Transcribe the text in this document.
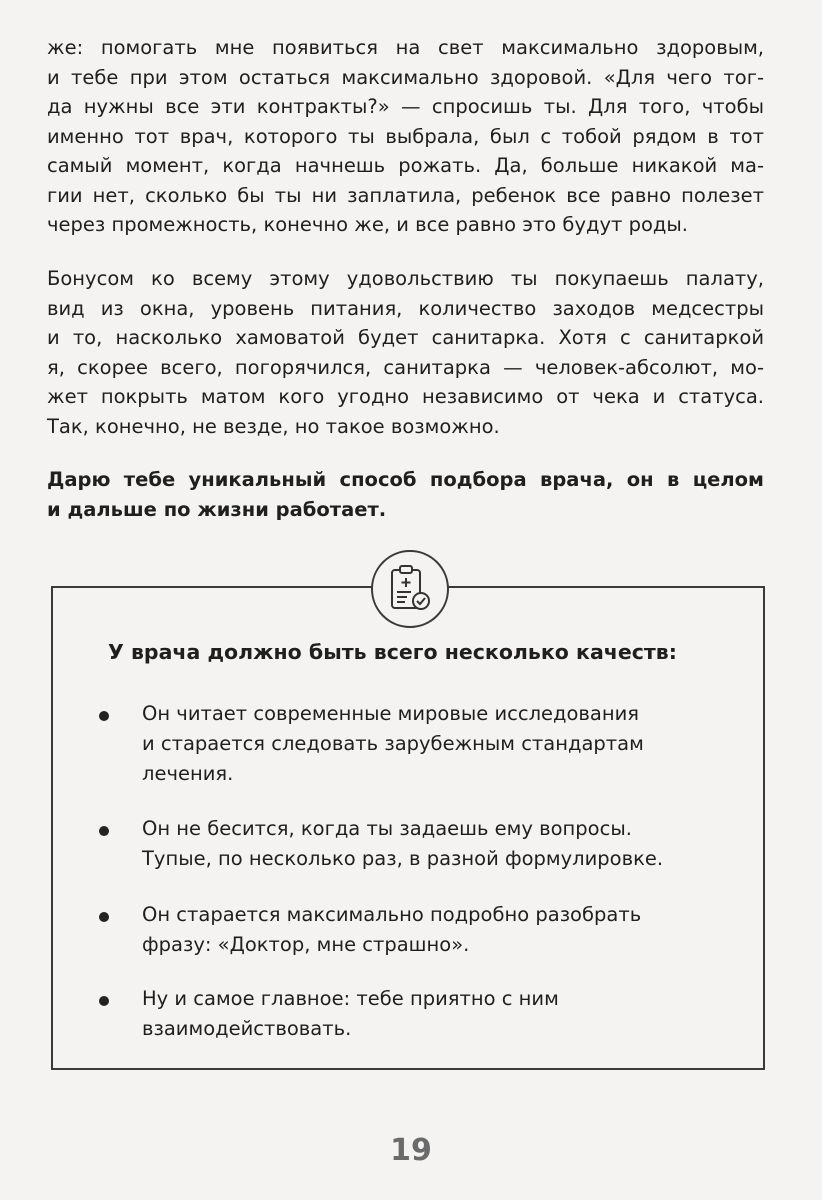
же: помогать мне появиться на свет максимально здоровым,
и тебе при этом остаться максимально здоровой. «Для чего тог-
да нужны все эти контракты?» — спросишь ты. Для того, чтобы
именно тот врач, которого ты выбрала, был с тобой рядом в тот
самый момент, когда начнешь рожать. Да, больше никакой ма-
гии нет, сколько бы ты ни заплатила, ребенок все равно полезет
через промежность, конечно же, и все равно это будут роды.

Бонусом ко всему этому удовольствию ты покупаешь палату,
вид из окна, уровень питания, количество заходов медсестры
и то, насколько хамоватой будет санитарка. Хотя с санитаркой
я, скорее всего, погорячился, санитарка — человек-абсолют, мо-
жет покрыть матом кого угодно независимо от чека и статуса.
Так, конечно, не везде, но такое возможно.

Дарю тебе уникальный способ подбора врача, он в целом
и дальше по жизни работает.

У врача должно быть всего несколько качеств:

Он читает современные мировые исследования
и старается следовать зарубежным стандартам
лечения.
Он не бесится, когда ты задаешь ему вопросы.
Тупые, по несколько раз, в разной формулировке.
Он старается максимально подробно разобрать
фразу: «Доктор, мне страшно».
Ну и самое главное: тебе приятно с ним
взаимодействовать.
19
